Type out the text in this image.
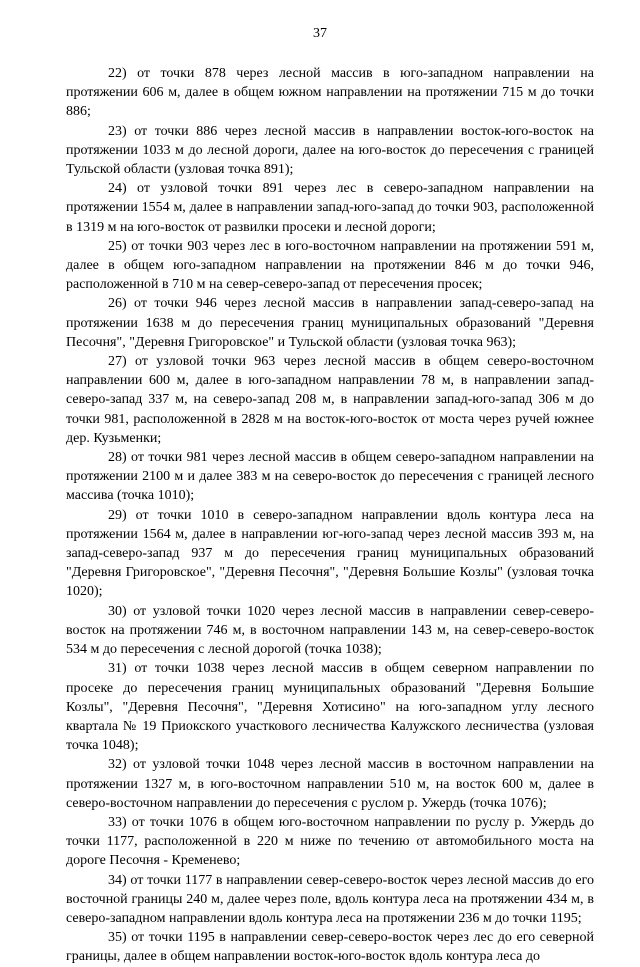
37

22) от точки 878 через лесной массив в юго-западном направлении на протяжении 606 м, далее в общем южном направлении на протяжении 715 м до точки 886;

23) от точки 886 через лесной массив в направлении восток-юго-восток на протяжении 1033 м до лесной дороги, далее на юго-восток до пересечения с границей Тульской области (узловая точка 891);

24) от узловой точки 891 через лес в северо-западном направлении на протяжении 1554 м, далее в направлении запад-юго-запад до точки 903, расположенной в 1319 м на юго-восток от развилки просеки и лесной дороги;

25) от точки 903 через лес в юго-восточном направлении на протяжении 591 м, далее в общем юго-западном направлении на протяжении 846 м до точки 946, расположенной в 710 м на север-северо-запад от пересечения просек;

26) от точки 946 через лесной массив в направлении запад-северо-запад на протяжении 1638 м до пересечения границ муниципальных образований "Деревня Песочня", "Деревня Григоровское" и Тульской области (узловая точка 963);

27) от узловой точки 963 через лесной массив в общем северо-восточном направлении 600 м, далее в юго-западном направлении 78 м, в направлении запад-северо-запад 337 м, на северо-запад 208 м, в направлении запад-юго-запад 306 м до точки 981, расположенной в 2828 м на восток-юго-восток от моста через ручей южнее дер. Кузьменки;

28) от точки 981 через лесной массив в общем северо-западном направлении на протяжении 2100 м и далее 383 м на северо-восток до пересечения с границей лесного массива (точка 1010);

29) от точки 1010 в северо-западном направлении вдоль контура леса на протяжении 1564 м, далее в направлении юг-юго-запад через лесной массив 393 м, на запад-северо-запад 937 м до пересечения границ муниципальных образований "Деревня Григоровское", "Деревня Песочня", "Деревня Большие Козлы" (узловая точка 1020);

30) от узловой точки 1020 через лесной массив в направлении север-северо-восток на протяжении 746 м, в восточном направлении 143 м, на север-северо-восток 534 м до пересечения с лесной дорогой (точка 1038);

31) от точки 1038 через лесной массив в общем северном направлении по просеке до пересечения границ муниципальных образований "Деревня Большие Козлы", "Деревня Песочня", "Деревня Хотисино" на юго-западном углу лесного квартала № 19 Приокского участкового лесничества Калужского лесничества (узловая точка 1048);

32) от узловой точки 1048 через лесной массив в восточном направлении на протяжении 1327 м, в юго-восточном направлении 510 м, на восток 600 м, далее в северо-восточном направлении до пересечения с руслом р. Ужердь (точка 1076);

33) от точки 1076 в общем юго-восточном направлении по руслу р. Ужердь до точки 1177, расположенной в 220 м ниже по течению от автомобильного моста на дороге Песочня - Кременево;

34) от точки 1177 в направлении север-северо-восток через лесной массив до его восточной границы 240 м, далее через поле, вдоль контура леса на протяжении 434 м, в северо-западном направлении вдоль контура леса на протяжении 236 м до точки 1195;

35) от точки 1195 в направлении север-северо-восток через лес до его северной границы, далее в общем направлении восток-юго-восток вдоль контура леса до
